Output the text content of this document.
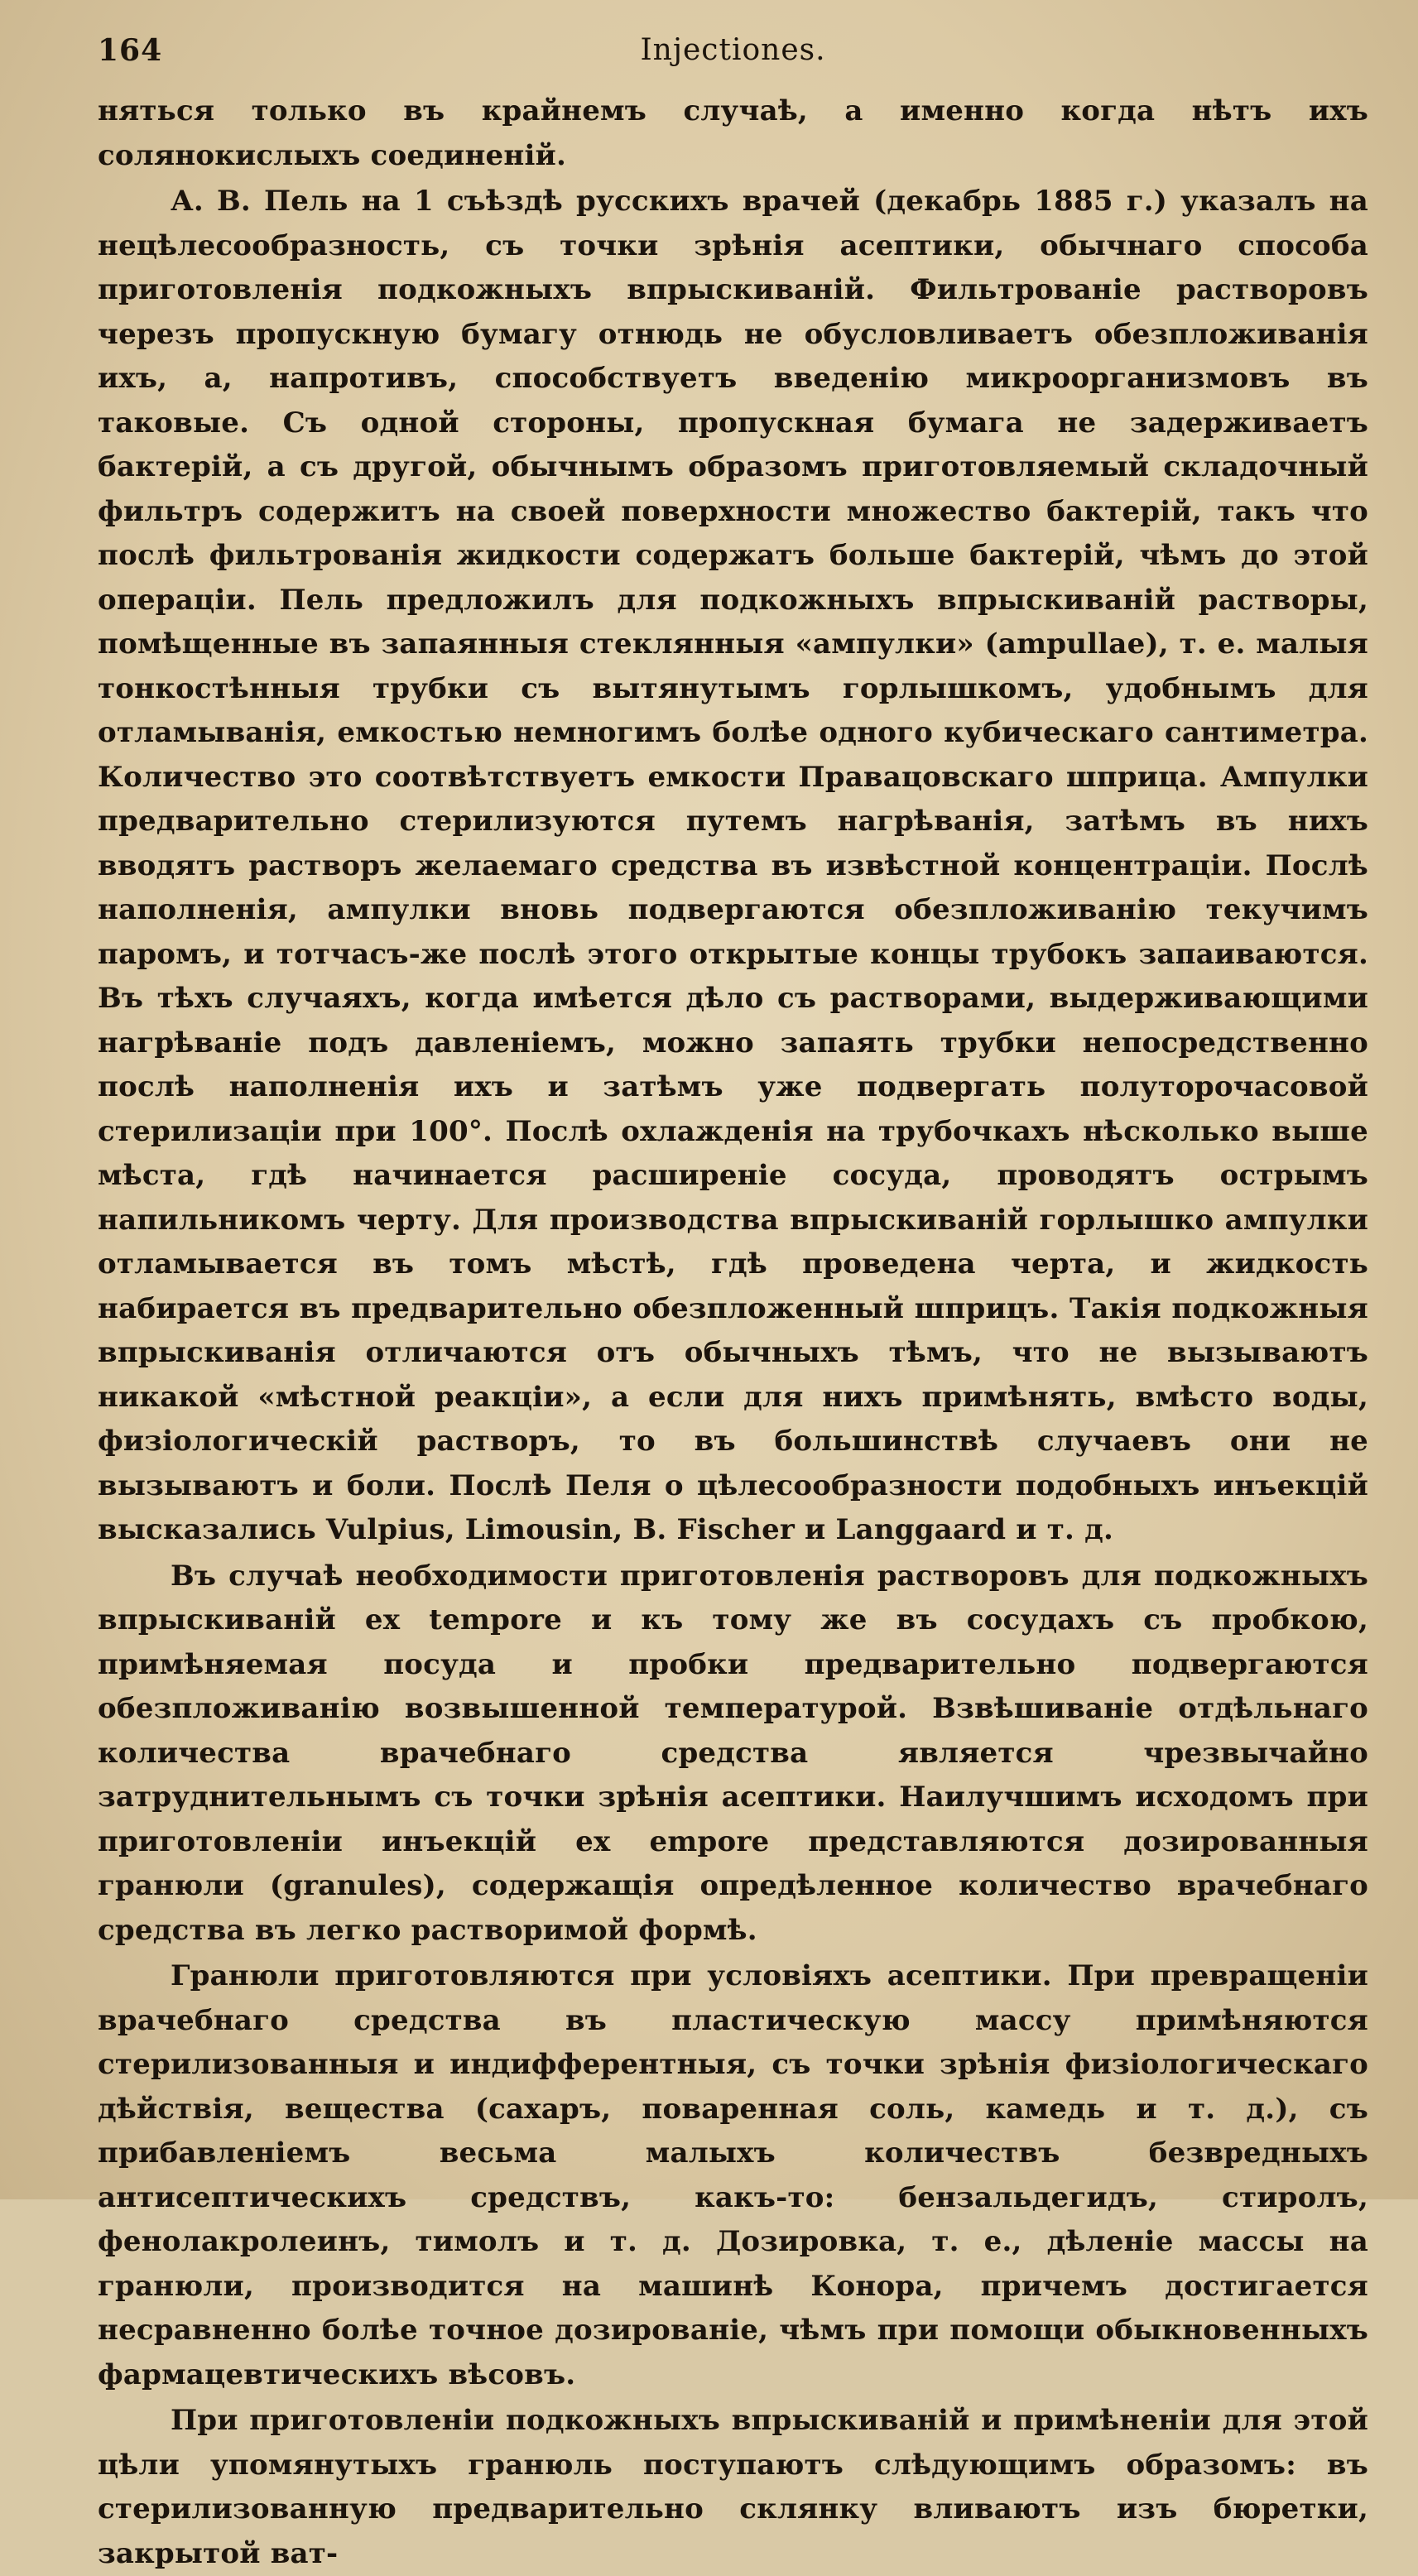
164	Injectiones.

няться только въ крайнемъ случаѣ, а именно когда нѣтъ ихъ солянокислыхъ соединеній.

А. В. Пель на 1 съѣздѣ русскихъ врачей (декабрь 1885 г.) указалъ на нецѣлесообразность, съ точки зрѣнія асептики, обычнаго способа приготовленія подкожныхъ впрыскиваній. Фильтрованіе растворовъ черезъ пропускную бумагу отнюдь не обусловливаетъ обезпложиванія ихъ, а, напротивъ, способствуетъ введенію микроорганизмовъ въ таковые. Съ одной стороны, пропускная бумага не задерживаетъ бактерій, а съ другой, обычнымъ образомъ приготовляемый складочный фильтръ содержитъ на своей поверхности множество бактерій, такъ что послѣ фильтрованія жидкости содержатъ больше бактерій, чѣмъ до этой операціи. Пель предложилъ для подкожныхъ впрыскиваній растворы, помѣщенные въ запаянныя стеклянныя «ампулки» (ampullae), т. е. малыя тонкостѣнныя трубки съ вытянутымъ горлышкомъ, удобнымъ для отламыванія, емкостью немногимъ болѣе одного кубическаго сантиметра. Количество это соотвѣтствуетъ емкости Правацовскаго шприца. Ампулки предварительно стерилизуются путемъ нагрѣванія, затѣмъ въ нихъ вводятъ растворъ желаемаго средства въ извѣстной концентраціи. Послѣ наполненія, ампулки вновь подвергаются обезпложиванію текучимъ паромъ, и тотчасъ-же послѣ этого открытые концы трубокъ запаиваются. Въ тѣхъ случаяхъ, когда имѣется дѣло съ растворами, выдерживающими нагрѣваніе подъ давленіемъ, можно запаять трубки непосредственно послѣ наполненія ихъ и затѣмъ уже подвергать полуторочасовой стерилизаціи при 100°. Послѣ охлажденія на трубочкахъ нѣсколько выше мѣста, гдѣ начинается расширеніе сосуда, проводятъ острымъ напильникомъ черту. Для производства впрыскиваній горлышко ампулки отламывается въ томъ мѣстѣ, гдѣ проведена черта, и жидкость набирается въ предварительно обезпложенный шприцъ. Такія подкожныя впрыскиванія отличаются отъ обычныхъ тѣмъ, что не вызываютъ никакой «мѣстной реакціи», а если для нихъ примѣнять, вмѣсто воды, физіологическій растворъ, то въ большинствѣ случаевъ они не вызываютъ и боли. Послѣ Пеля о цѣлесообразности подобныхъ инъекцій высказались Vulpius, Limousin, B. Fischer и Langgaard и т. д.

Въ случаѣ необходимости приготовленія растворовъ для подкожныхъ впрыскиваній ex tempore и къ тому же въ сосудахъ съ пробкою, примѣняемая посуда и пробки предварительно подвергаются обезпложиванію возвышенной температурой. Взвѣшиваніе отдѣльнаго количества врачебнаго средства является чрезвычайно затруднительнымъ съ точки зрѣнія асептики. Наилучшимъ исходомъ при приготовленіи инъекцій ex empore представляются дозированныя гранюли (granules), содержащія опредѣленное количество врачебнаго средства въ легко растворимой формѣ.

Гранюли приготовляются при условіяхъ асептики. При превращеніи врачебнаго средства въ пластическую массу примѣняются стерилизованныя и индифферентныя, съ точки зрѣнія физіологическаго дѣйствія, вещества (сахаръ, поваренная соль, камедь и т. д.), съ прибавленіемъ весьма малыхъ количествъ безвредныхъ антисептическихъ средствъ, какъ-то: бензальдегидъ, стиролъ, фенолакролеинъ, тимолъ и т. д. Дозировка, т. е., дѣленіе массы на гранюли, производится на машинѣ Конора, причемъ достигается несравненно болѣе точное дозированіе, чѣмъ при помощи обыкновенныхъ фармацевтическихъ вѣсовъ.

При приготовленіи подкожныхъ впрыскиваній и примѣненіи для этой цѣли упомянутыхъ гранюль поступаютъ слѣдующимъ образомъ: въ стерилизованную предварительно склянку вливаютъ изъ бюретки, закрытой ват-
